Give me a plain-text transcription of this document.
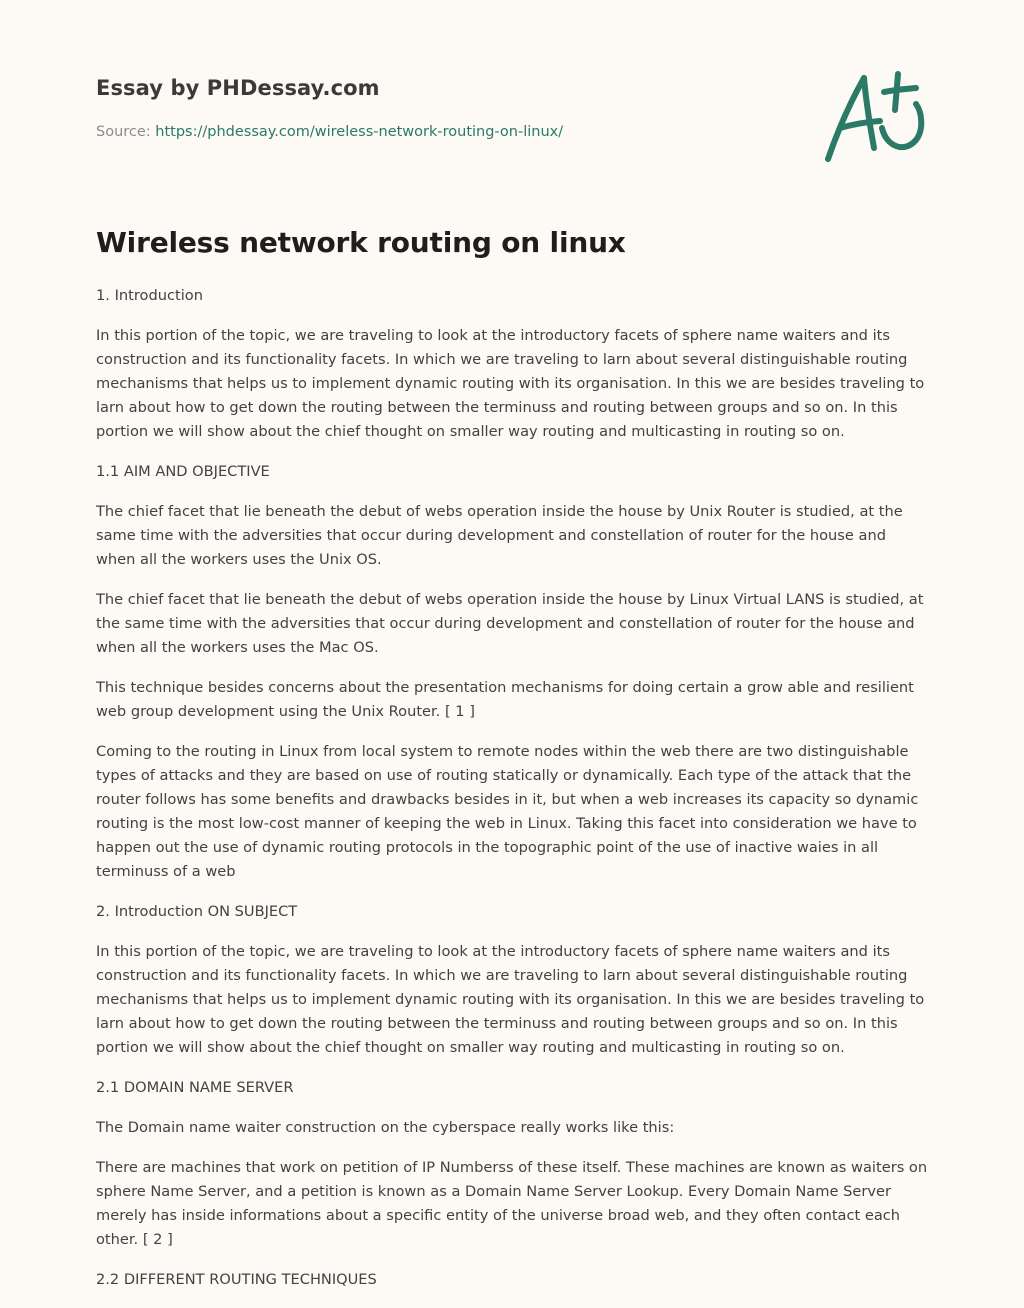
Essay by PHDessay.com
Source: https://phdessay.com/wireless-network-routing-on-linux/
Wireless network routing on linux

1. Introduction

In this portion of the topic, we are traveling to look at the introductory facets of sphere name waiters and its construction and its functionality facets. In which we are traveling to larn about several distinguishable routing mechanisms that helps us to implement dynamic routing with its organisation. In this we are besides traveling to larn about how to get down the routing between the terminuss and routing between groups and so on. In this portion we will show about the chief thought on smaller way routing and multicasting in routing so on.

1.1 AIM AND OBJECTIVE

The chief facet that lie beneath the debut of webs operation inside the house by Unix Router is studied, at the same time with the adversities that occur during development and constellation of router for the house and when all the workers uses the Unix OS.

The chief facet that lie beneath the debut of webs operation inside the house by Linux Virtual LANS is studied, at the same time with the adversities that occur during development and constellation of router for the house and when all the workers uses the Mac OS.

This technique besides concerns about the presentation mechanisms for doing certain a grow able and resilient web group development using the Unix Router. [ 1 ]

Coming to the routing in Linux from local system to remote nodes within the web there are two distinguishable types of attacks and they are based on use of routing statically or dynamically. Each type of the attack that the router follows has some benefits and drawbacks besides in it, but when a web increases its capacity so dynamic routing is the most low-cost manner of keeping the web in Linux. Taking this facet into consideration we have to happen out the use of dynamic routing protocols in the topographic point of the use of inactive waies in all terminuss of a web

2. Introduction ON SUBJECT

In this portion of the topic, we are traveling to look at the introductory facets of sphere name waiters and its construction and its functionality facets. In which we are traveling to larn about several distinguishable routing mechanisms that helps us to implement dynamic routing with its organisation. In this we are besides traveling to larn about how to get down the routing between the terminuss and routing between groups and so on. In this portion we will show about the chief thought on smaller way routing and multicasting in routing so on.

2.1 DOMAIN NAME SERVER

The Domain name waiter construction on the cyberspace really works like this:

There are machines that work on petition of IP Numberss of these itself. These machines are known as waiters on sphere Name Server, and a petition is known as a Domain Name Server Lookup. Every Domain Name Server merely has inside informations about a specific entity of the universe broad web, and they often contact each other. [ 2 ]

2.2 DIFFERENT ROUTING TECHNIQUES
